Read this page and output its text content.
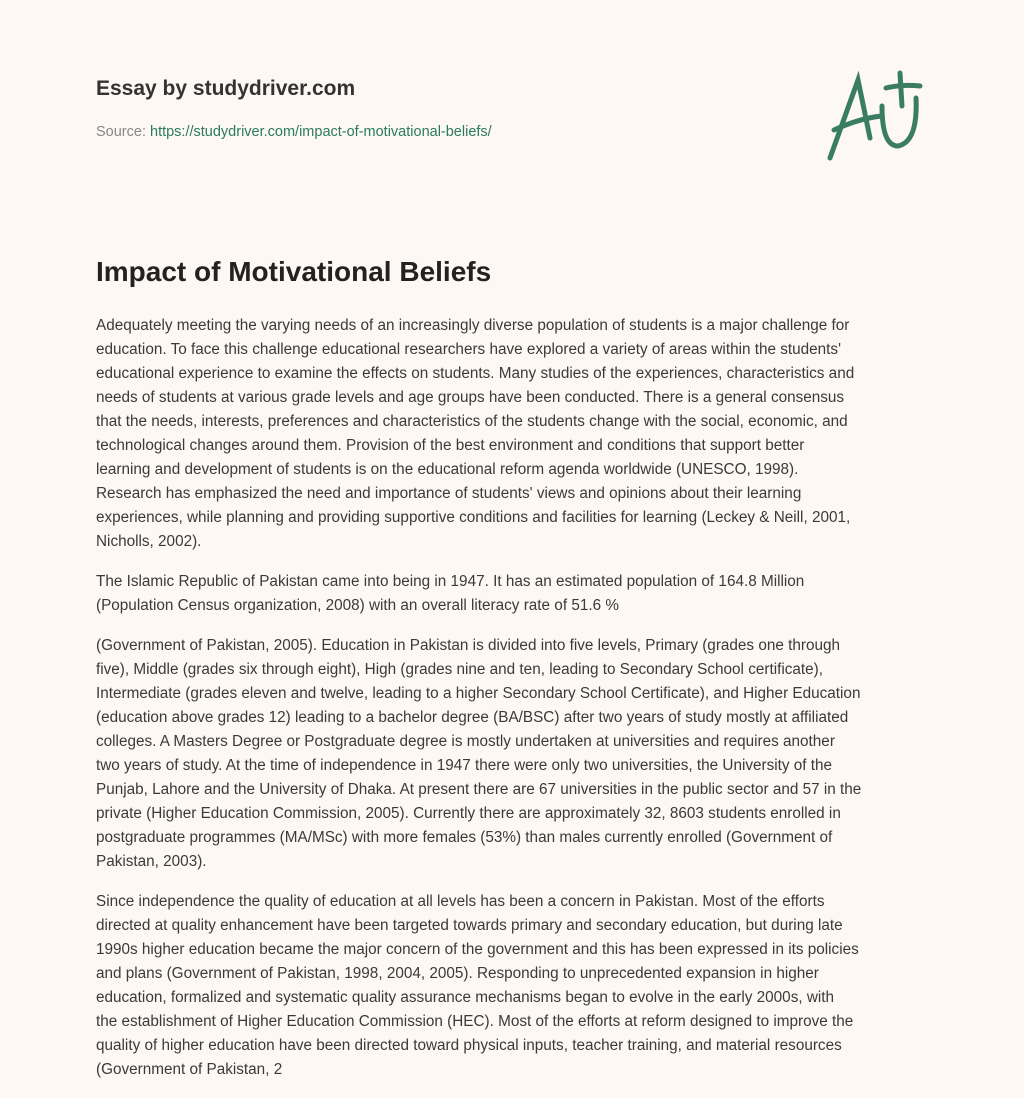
Essay by studydriver.com
Source: https://studydriver.com/impact-of-motivational-beliefs/
Impact of Motivational Beliefs

Adequately meeting the varying needs of an increasingly diverse population of students is a major challenge for
education. To face this challenge educational researchers have explored a variety of areas within the students'
educational experience to examine the effects on students. Many studies of the experiences, characteristics and
needs of students at various grade levels and age groups have been conducted. There is a general consensus
that the needs, interests, preferences and characteristics of the students change with the social, economic, and
technological changes around them. Provision of the best environment and conditions that support better
learning and development of students is on the educational reform agenda worldwide (UNESCO, 1998).
Research has emphasized the need and importance of students' views and opinions about their learning
experiences, while planning and providing supportive conditions and facilities for learning (Leckey & Neill, 2001,
Nicholls, 2002).

The Islamic Republic of Pakistan came into being in 1947. It has an estimated population of 164.8 Million
(Population Census organization, 2008) with an overall literacy rate of 51.6 %

(Government of Pakistan, 2005). Education in Pakistan is divided into five levels, Primary (grades one through
five), Middle (grades six through eight), High (grades nine and ten, leading to Secondary School certificate),
Intermediate (grades eleven and twelve, leading to a higher Secondary School Certificate), and Higher Education
(education above grades 12) leading to a bachelor degree (BA/BSC) after two years of study mostly at affiliated
colleges. A Masters Degree or Postgraduate degree is mostly undertaken at universities and requires another
two years of study. At the time of independence in 1947 there were only two universities, the University of the
Punjab, Lahore and the University of Dhaka. At present there are 67 universities in the public sector and 57 in the
private (Higher Education Commission, 2005). Currently there are approximately 32, 8603 students enrolled in
postgraduate programmes (MA/MSc) with more females (53%) than males currently enrolled (Government of
Pakistan, 2003).

Since independence the quality of education at all levels has been a concern in Pakistan. Most of the efforts
directed at quality enhancement have been targeted towards primary and secondary education, but during late
1990s higher education became the major concern of the government and this has been expressed in its policies
and plans (Government of Pakistan, 1998, 2004, 2005). Responding to unprecedented expansion in higher
education, formalized and systematic quality assurance mechanisms began to evolve in the early 2000s, with
the establishment of Higher Education Commission (HEC). Most of the efforts at reform designed to improve the
quality of higher education have been directed toward physical inputs, teacher training, and material resources
(Government of Pakistan, 2
